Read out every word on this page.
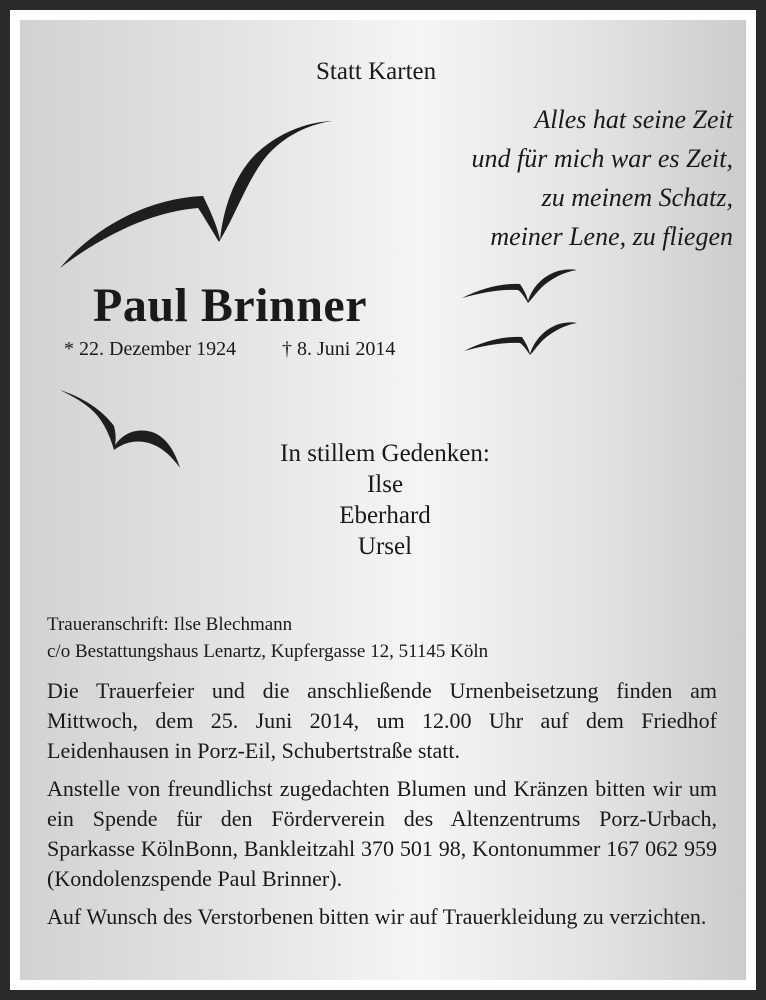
Statt Karten
Alles hat seine Zeit
und für mich war es Zeit,
zu meinem Schatz,
meiner Lene, zu fliegen
Paul Brinner
* 22. Dezember 1924 † 8. Juni 2014
In stillem Gedenken:
Ilse
Eberhard
Ursel
Traueranschrift: Ilse Blechmann
c/o Bestattungshaus Lenartz, Kupfergasse 12, 51145 Köln

Die Trauerfeier und die anschließende Urnenbeisetzung finden am Mittwoch, dem 25. Juni 2014, um 12.00 Uhr auf dem Friedhof Leidenhausen in Porz-Eil, Schubertstraße statt.

Anstelle von freundlichst zugedachten Blumen und Kränzen bitten wir um ein Spende für den Förderverein des Altenzentrums Porz-Urbach, Sparkasse KölnBonn, Bankleitzahl 370 501 98, Kontonummer 167 062 959 (Kondolenzspende Paul Brinner).

Auf Wunsch des Verstorbenen bitten wir auf Trauerkleidung zu verzichten.
